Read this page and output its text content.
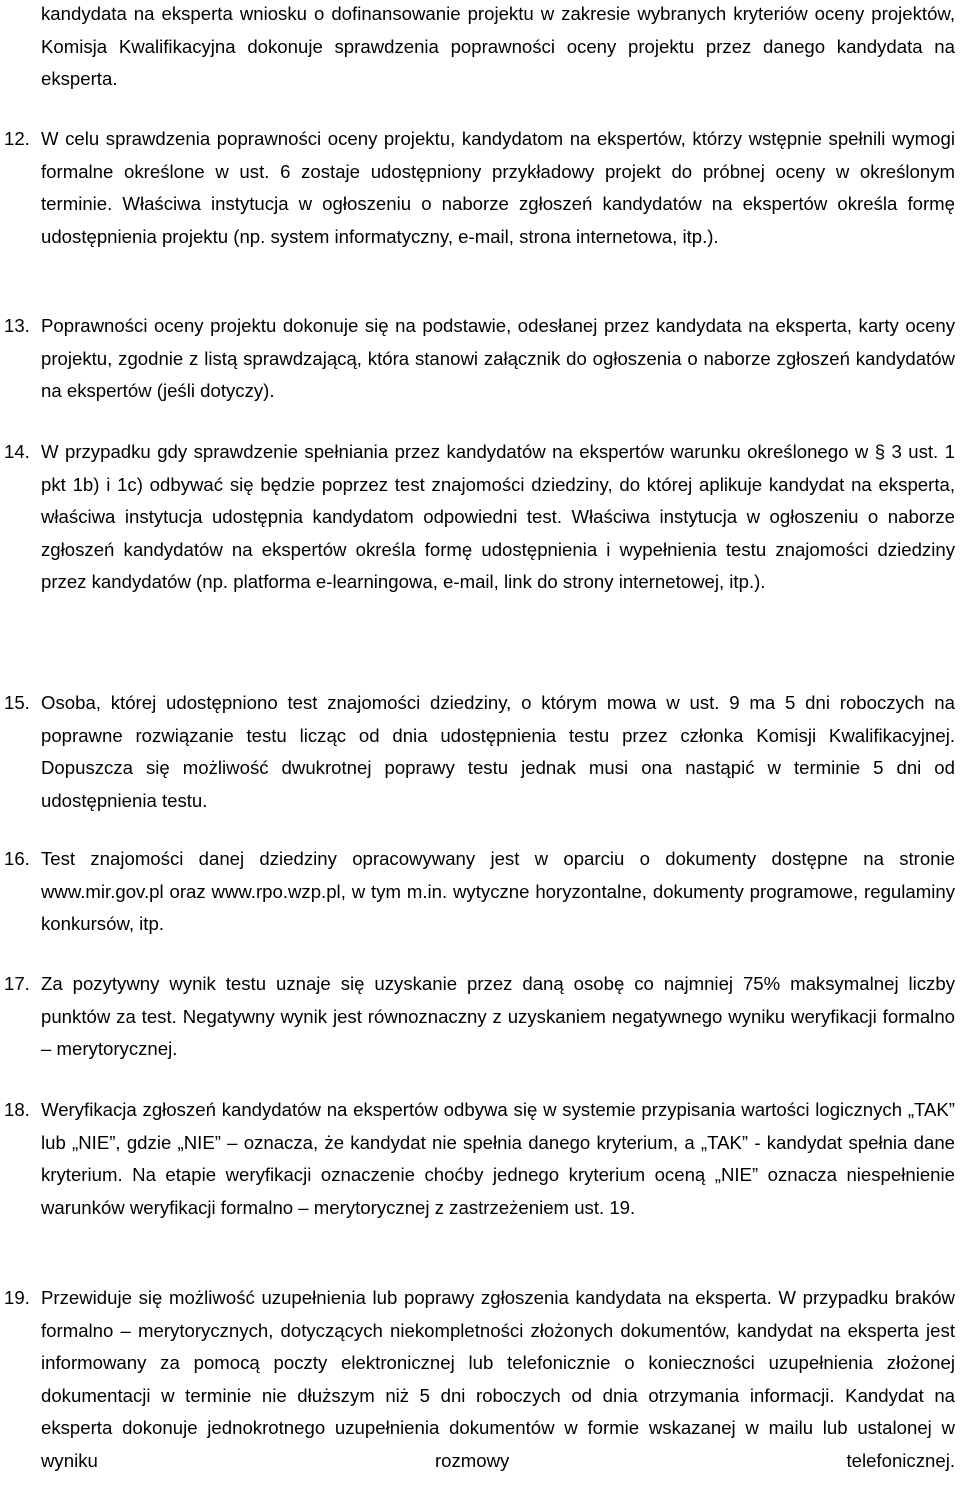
kandydata na eksperta wniosku o dofinansowanie projektu w zakresie wybranych kryteriów oceny projektów, Komisja Kwalifikacyjna dokonuje sprawdzenia poprawności oceny projektu przez danego kandydata na eksperta.
12. W celu sprawdzenia poprawności oceny projektu, kandydatom na ekspertów, którzy wstępnie spełnili wymogi formalne określone w ust. 6 zostaje udostępniony przykładowy projekt do próbnej oceny w określonym terminie. Właściwa instytucja w ogłoszeniu o naborze zgłoszeń kandydatów na ekspertów określa formę udostępnienia projektu (np. system informatyczny, e-mail, strona internetowa, itp.).
13. Poprawności oceny projektu dokonuje się na podstawie, odesłanej przez kandydata na eksperta, karty oceny projektu, zgodnie z listą sprawdzającą, która stanowi załącznik do ogłoszenia o naborze zgłoszeń kandydatów na ekspertów (jeśli dotyczy).
14. W przypadku gdy sprawdzenie spełniania przez kandydatów na ekspertów warunku określonego w § 3 ust. 1 pkt 1b) i 1c) odbywać się będzie poprzez test znajomości dziedziny, do której aplikuje kandydat na eksperta, właściwa instytucja udostępnia kandydatom odpowiedni test. Właściwa instytucja w ogłoszeniu o naborze zgłoszeń kandydatów na ekspertów określa formę udostępnienia i wypełnienia testu znajomości dziedziny przez kandydatów (np. platforma e-learningowa, e-mail, link do strony internetowej, itp.).
15. Osoba, której udostępniono test znajomości dziedziny, o którym mowa w ust. 9 ma 5 dni roboczych na poprawne rozwiązanie testu licząc od dnia udostępnienia testu przez członka Komisji Kwalifikacyjnej. Dopuszcza się możliwość dwukrotnej poprawy testu jednak musi ona nastąpić w terminie 5 dni od udostępnienia testu.
16. Test znajomości danej dziedziny opracowywany jest w oparciu o dokumenty dostępne na stronie www.mir.gov.pl oraz www.rpo.wzp.pl, w tym m.in. wytyczne horyzontalne, dokumenty programowe, regulaminy konkursów, itp.
17. Za pozytywny wynik testu uznaje się uzyskanie przez daną osobę co najmniej 75% maksymalnej liczby punktów za test. Negatywny wynik jest równoznaczny z uzyskaniem negatywnego wyniku weryfikacji formalno – merytorycznej.
18. Weryfikacja zgłoszeń kandydatów na ekspertów odbywa się w systemie przypisania wartości logicznych „TAK” lub „NIE”, gdzie „NIE” – oznacza, że kandydat nie spełnia danego kryterium, a „TAK” - kandydat spełnia dane kryterium. Na etapie weryfikacji oznaczenie choćby jednego kryterium oceną „NIE” oznacza niespełnienie warunków weryfikacji formalno – merytorycznej z zastrzeżeniem ust. 19.
19. Przewiduje się możliwość uzupełnienia lub poprawy zgłoszenia kandydata na eksperta. W przypadku braków formalno – merytorycznych, dotyczących niekompletności złożonych dokumentów, kandydat na eksperta jest informowany za pomocą poczty elektronicznej lub telefonicznie o konieczności uzupełnienia złożonej dokumentacji w terminie nie dłuższym niż 5 dni roboczych od dnia otrzymania informacji. Kandydat na eksperta dokonuje jednokrotnego uzupełnienia dokumentów w formie wskazanej w mailu lub ustalonej w wyniku rozmowy telefonicznej.
